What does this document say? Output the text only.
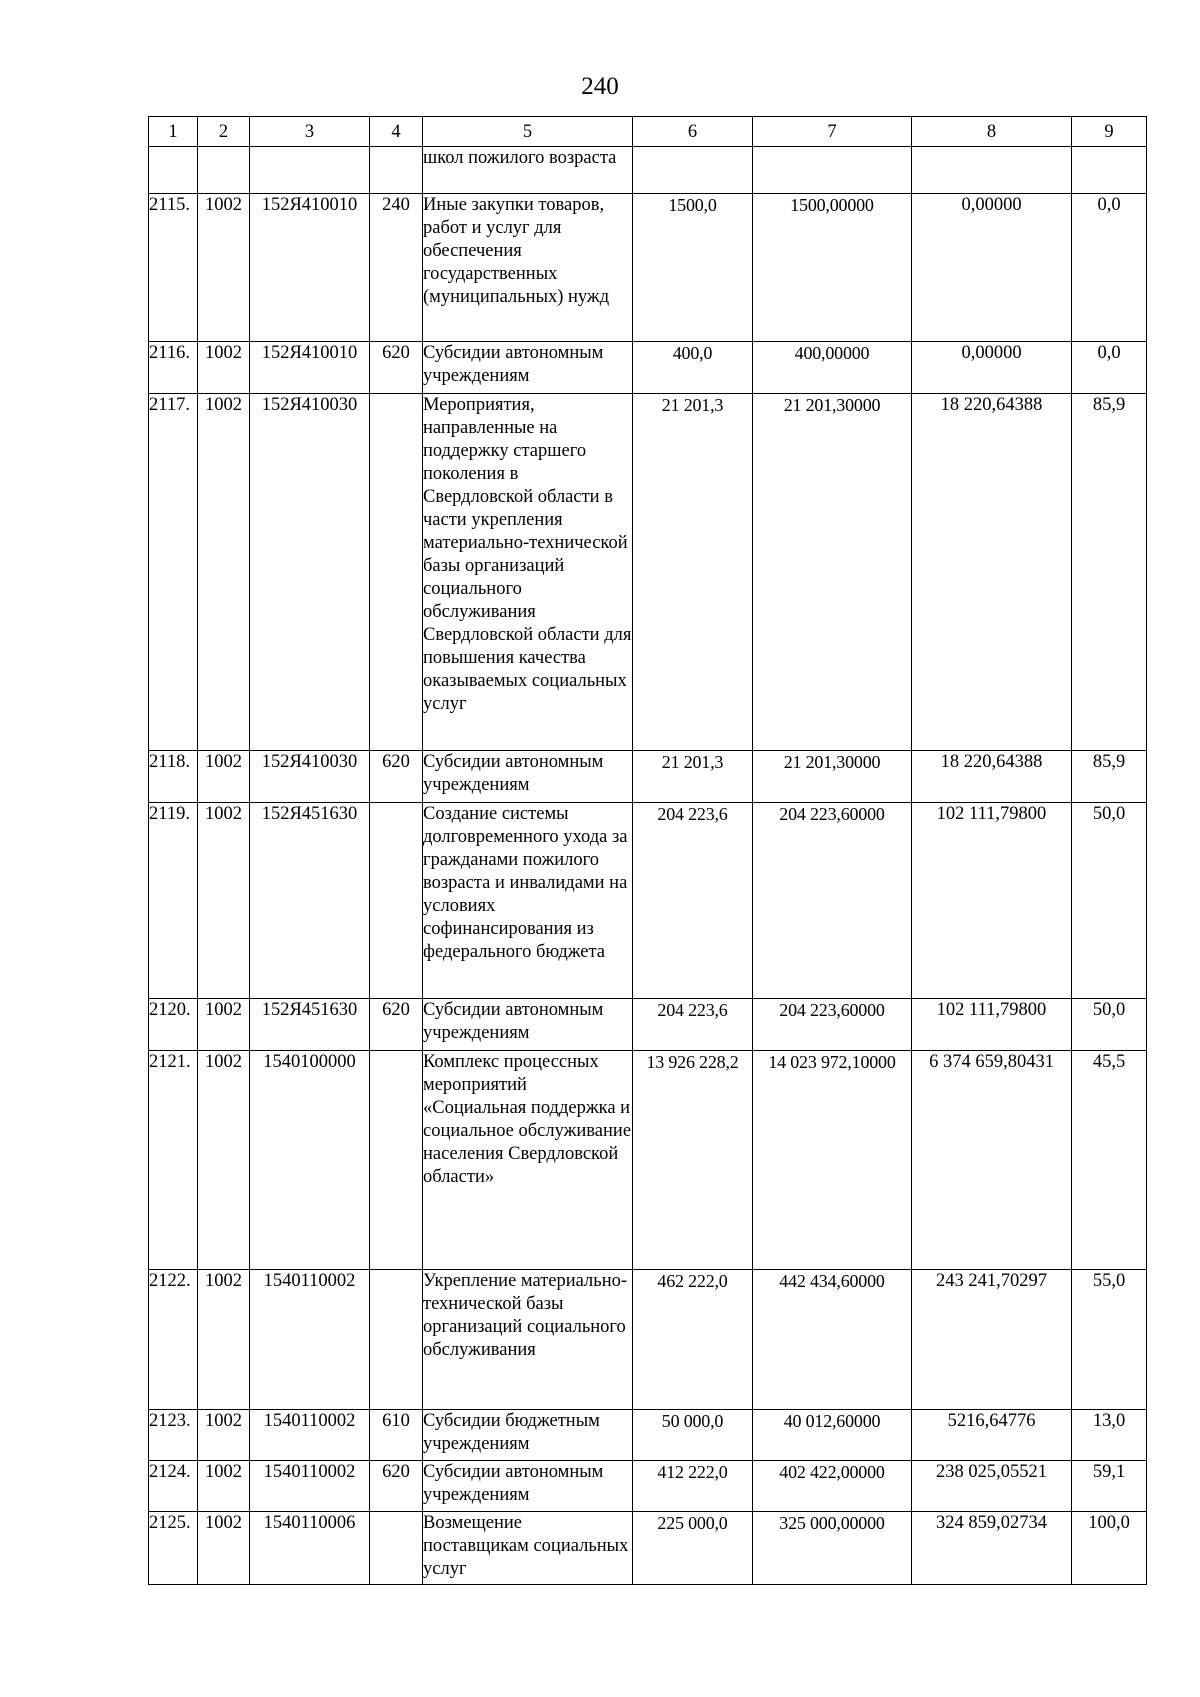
240
1	2	3	4	5	6	7	8	9
				школ пожилого возраста				
2115.	1002	152Я410010	240	Иные закупки товаров, работ и услуг для обеспечения государственных (муниципальных) нужд	1500,0	1500,00000	0,00000	0,0
2116.	1002	152Я410010	620	Субсидии автономным учреждениям	400,0	400,00000	0,00000	0,0
2117.	1002	152Я410030		Мероприятия, направленные на поддержку старшего поколения в Свердловской области в части укрепления материально-технической базы организаций социального обслуживания Свердловской области для повышения качества оказываемых социальных услуг	21 201,3	21 201,30000	18 220,64388	85,9
2118.	1002	152Я410030	620	Субсидии автономным учреждениям	21 201,3	21 201,30000	18 220,64388	85,9
2119.	1002	152Я451630		Создание системы долговременного ухода за гражданами пожилого возраста и инвалидами на условиях софинансирования из федерального бюджета	204 223,6	204 223,60000	102 111,79800	50,0
2120.	1002	152Я451630	620	Субсидии автономным учреждениям	204 223,6	204 223,60000	102 111,79800	50,0
2121.	1002	1540100000		Комплекс процессных мероприятий «Социальная поддержка и социальное обслуживание населения Свердловской области»	13 926 228,2	14 023 972,10000	6 374 659,80431	45,5
2122.	1002	1540110002		Укрепление материально-технической базы организаций социального обслуживания	462 222,0	442 434,60000	243 241,70297	55,0
2123.	1002	1540110002	610	Субсидии бюджетным учреждениям	50 000,0	40 012,60000	5216,64776	13,0
2124.	1002	1540110002	620	Субсидии автономным учреждениям	412 222,0	402 422,00000	238 025,05521	59,1
2125.	1002	1540110006		Возмещение поставщикам социальных услуг	225 000,0	325 000,00000	324 859,02734	100,0
